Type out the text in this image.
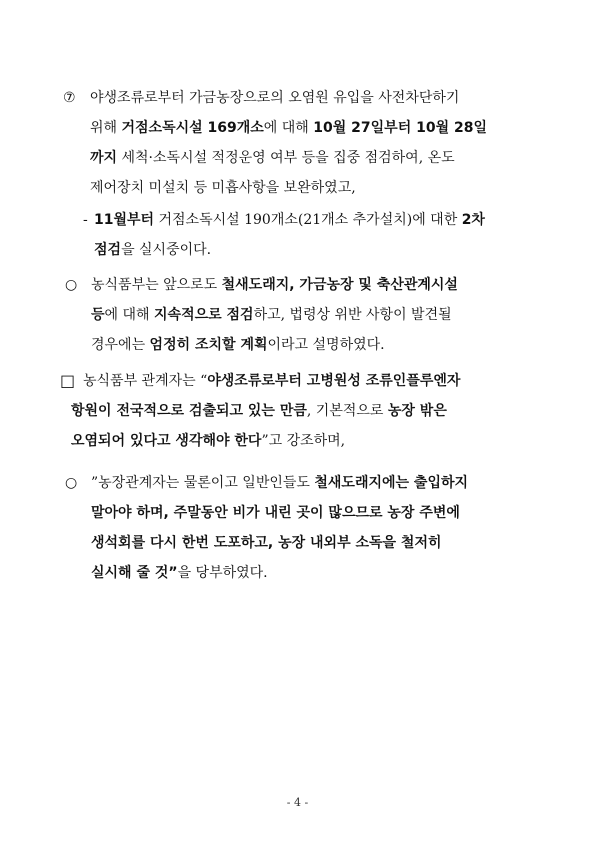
⑦ 야생조류로부터 가금농장으로의 오염원 유입을 사전차단하기
위해 거점소독시설 169개소에 대해 10월 27일부터 10월 28일
까지 세척·소독시설 적정운영 여부 등을 집중 점검하여, 온도
제어장치 미설치 등 미흡사항을 보완하였고,
- 11월부터 거점소독시설 190개소(21개소 추가설치)에 대한 2차
점검을 실시중이다.
○ 농식품부는 앞으로도 철새도래지, 가금농장 및 축산관계시설
등에 대해 지속적으로 점검하고, 법령상 위반 사항이 발견될
경우에는 엄정히 조치할 계획이라고 설명하였다.
□ 농식품부 관계자는 “야생조류로부터 고병원성 조류인플루엔자
항원이 전국적으로 검출되고 있는 만큼, 기본적으로 농장 밖은
오염되어 있다고 생각해야 한다”고 강조하며,
○ ”농장관계자는 물론이고 일반인들도 철새도래지에는 출입하지
말아야 하며, 주말동안 비가 내린 곳이 많으므로 농장 주변에
생석회를 다시 한번 도포하고, 농장 내외부 소독을 철저히
실시해 줄 것”을 당부하였다.
- 4 -
